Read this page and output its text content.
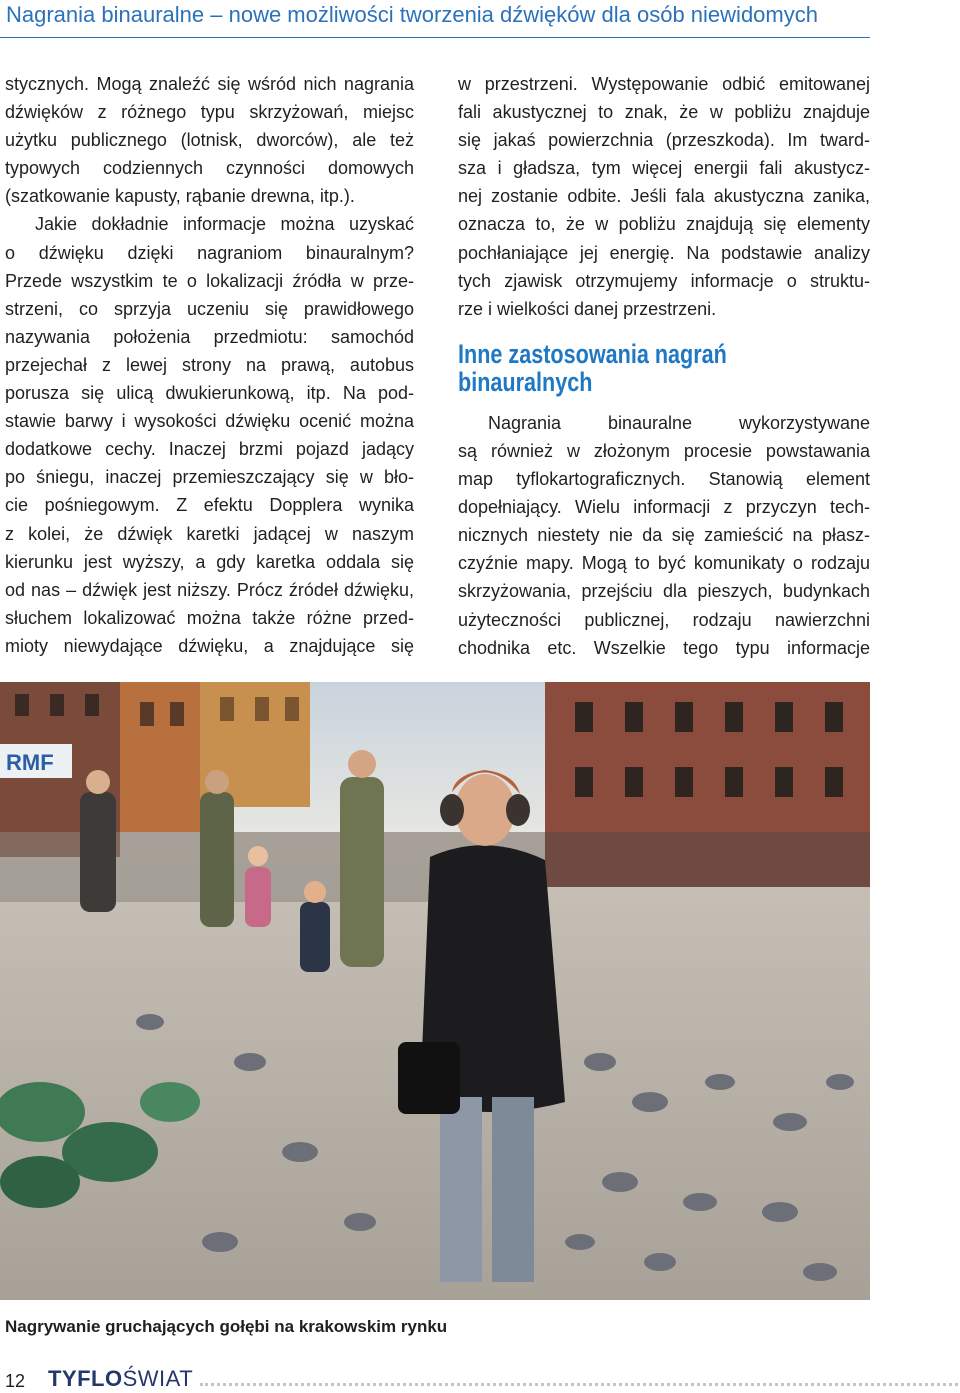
Nagrania binauralne – nowe możliwości tworzenia dźwięków dla osób niewidomych
stycznych. Mogą znaleźć się wśród nich nagrania
dźwięków z różnego typu skrzyżowań, miejsc
użytku publicznego (lotnisk, dworców), ale też
typowych codziennych czynności domowych
(szatkowanie kapusty, rąbanie drewna, itp.).
Jakie dokładnie informacje można uzyskać
o dźwięku dzięki nagraniom binauralnym?
Przede wszystkim te o lokalizacji źródła w prze-
strzeni, co sprzyja uczeniu się prawidłowego
nazywania położenia przedmiotu: samochód
przejechał z lewej strony na prawą, autobus
porusza się ulicą dwukierunkową, itp. Na pod-
stawie barwy i wysokości dźwięku ocenić można
dodatkowe cechy. Inaczej brzmi pojazd jadący
po śniegu, inaczej przemieszczający się w bło-
cie pośniegowym. Z efektu Dopplera wynika
z kolei, że dźwięk karetki jadącej w naszym
kierunku jest wyższy, a gdy karetka oddala się
od nas – dźwięk jest niższy. Prócz źródeł dźwięku,
słuchem lokalizować można także różne przed-
mioty niewydające dźwięku, a znajdujące się
w przestrzeni. Występowanie odbić emitowanej
fali akustycznej to znak, że w pobliżu znajduje
się jakaś powierzchnia (przeszkoda). Im tward-
sza i gładsza, tym więcej energii fali akustycz-
nej zostanie odbite. Jeśli fala akustyczna zanika,
oznacza to, że w pobliżu znajdują się elementy
pochłaniające jej energię. Na podstawie analizy
tych zjawisk otrzymujemy informacje o struktu-
rze i wielkości danej przestrzeni.
Inne zastosowania nagrań
binauralnych
Nagrania binauralne wykorzystywane
są również w złożonym procesie powstawania
map tyflokartograficznych. Stanowią element
dopełniający. Wielu informacji z przyczyn tech-
nicznych niestety nie da się zamieścić na płasz-
czyźnie mapy. Mogą to być komunikaty o rodzaju
skrzyżowania, przejściu dla pieszych, budynkach
użyteczności publicznej, rodzaju nawierzchni
chodnika etc. Wszelkie tego typu informacje
RMF
Nagrywanie gruchających gołębi na krakowskim rynku
12 TYFLOŚWIAT
